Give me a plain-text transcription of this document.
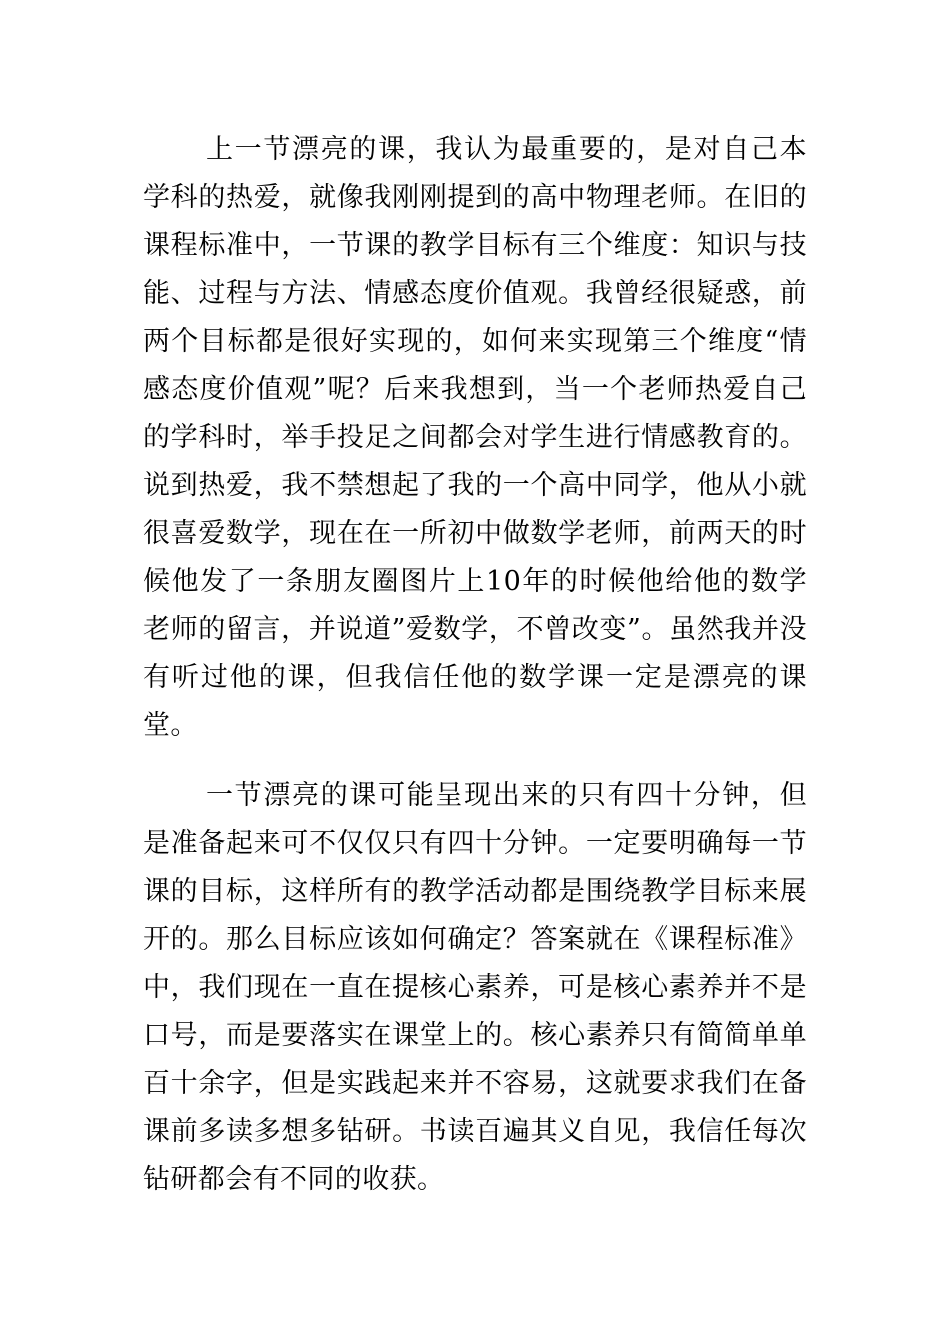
上一节漂亮的课，我认为最重要的，是对自己本学科的热爱，就像我刚刚提到的高中物理老师。在旧的课程标准中，一节课的教学目标有三个维度：知识与技能、过程与方法、情感态度价值观。我曾经很疑惑，前两个目标都是很好实现的，如何来实现第三个维度“情感态度价值观”呢？后来我想到，当一个老师热爱自己的学科时，举手投足之间都会对学生进行情感教育的。说到热爱，我不禁想起了我的一个高中同学，他从小就很喜爱数学，现在在一所初中做数学老师，前两天的时候他发了一条朋友圈图片上10年的时候他给他的数学老师的留言，并说道”爱数学，不曾改变”。虽然我并没有听过他的课，但我信任他的数学课一定是漂亮的课堂。

一节漂亮的课可能呈现出来的只有四十分钟，但是准备起来可不仅仅只有四十分钟。一定要明确每一节课的目标，这样所有的教学活动都是围绕教学目标来展开的。那么目标应该如何确定？答案就在《课程标准》中，我们现在一直在提核心素养，可是核心素养并不是口号，而是要落实在课堂上的。核心素养只有简简单单百十余字，但是实践起来并不容易，这就要求我们在备课前多读多想多钻研。书读百遍其义自见，我信任每次钻研都会有不同的收获。
